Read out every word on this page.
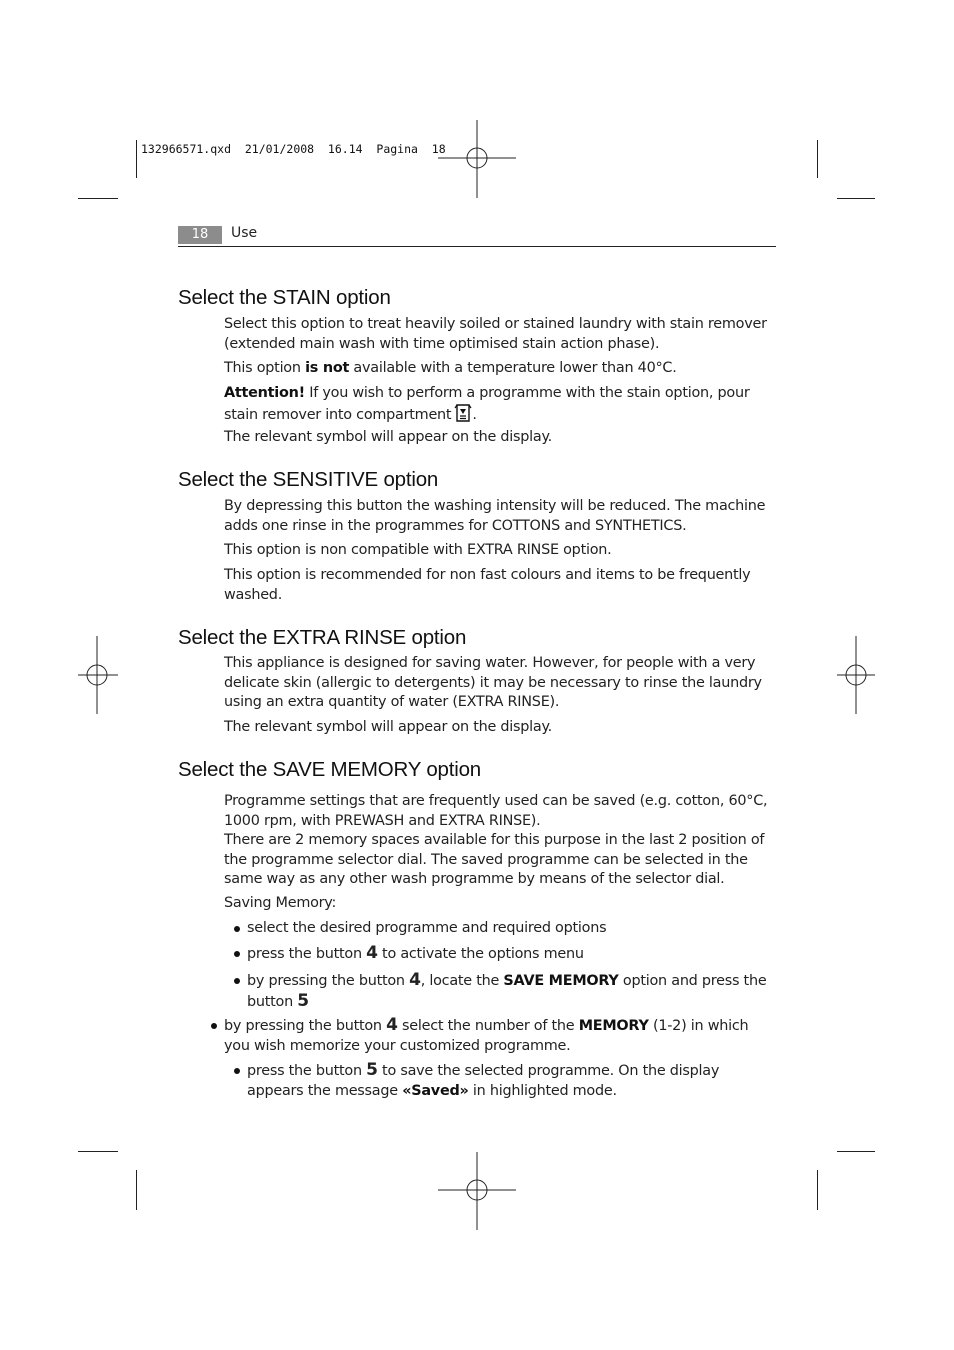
132966571.qxd  21/01/2008  16.14  Pagina  18
18	Use
Select the STAIN option

Select this option to treat heavily soiled or stained laundry with stain remover (extended main wash with time optimised stain action phase).

This option is not available with a temperature lower than 40°C.

Attention! If you wish to perform a programme with the stain option, pour stain remover into compartment .

The relevant symbol will appear on the display.

Select the SENSITIVE option

By depressing this button the washing intensity will be reduced. The machine adds one rinse in the programmes for COTTONS and SYNTHETICS.

This option is non compatible with EXTRA RINSE option.

This option is recommended for non fast colours and items to be frequently washed.

Select the EXTRA RINSE option

This appliance is designed for saving water. However, for people with a very delicate skin (allergic to detergents) it may be necessary to rinse the laundry using an extra quantity of water (EXTRA RINSE).

The relevant symbol will appear on the display.

Select the SAVE MEMORY option

Programme settings that are frequently used can be saved (e.g. cotton, 60°C, 1000 rpm, with PREWASH and EXTRA RINSE).

There are 2 memory spaces available for this purpose in the last 2 position of the programme selector dial. The saved programme can be selected in the same way as any other wash programme by means of the selector dial.

Saving Memory:

select the desired programme and required options

press the button 4 to activate the options menu

by pressing the button 4, locate the SAVE MEMORY option and press the button 5

by pressing the button 4 select the number of the MEMORY (1-2) in which you wish memorize your customized programme.

press the button 5 to save the selected programme. On the display appears the message «Saved» in highlighted mode.
